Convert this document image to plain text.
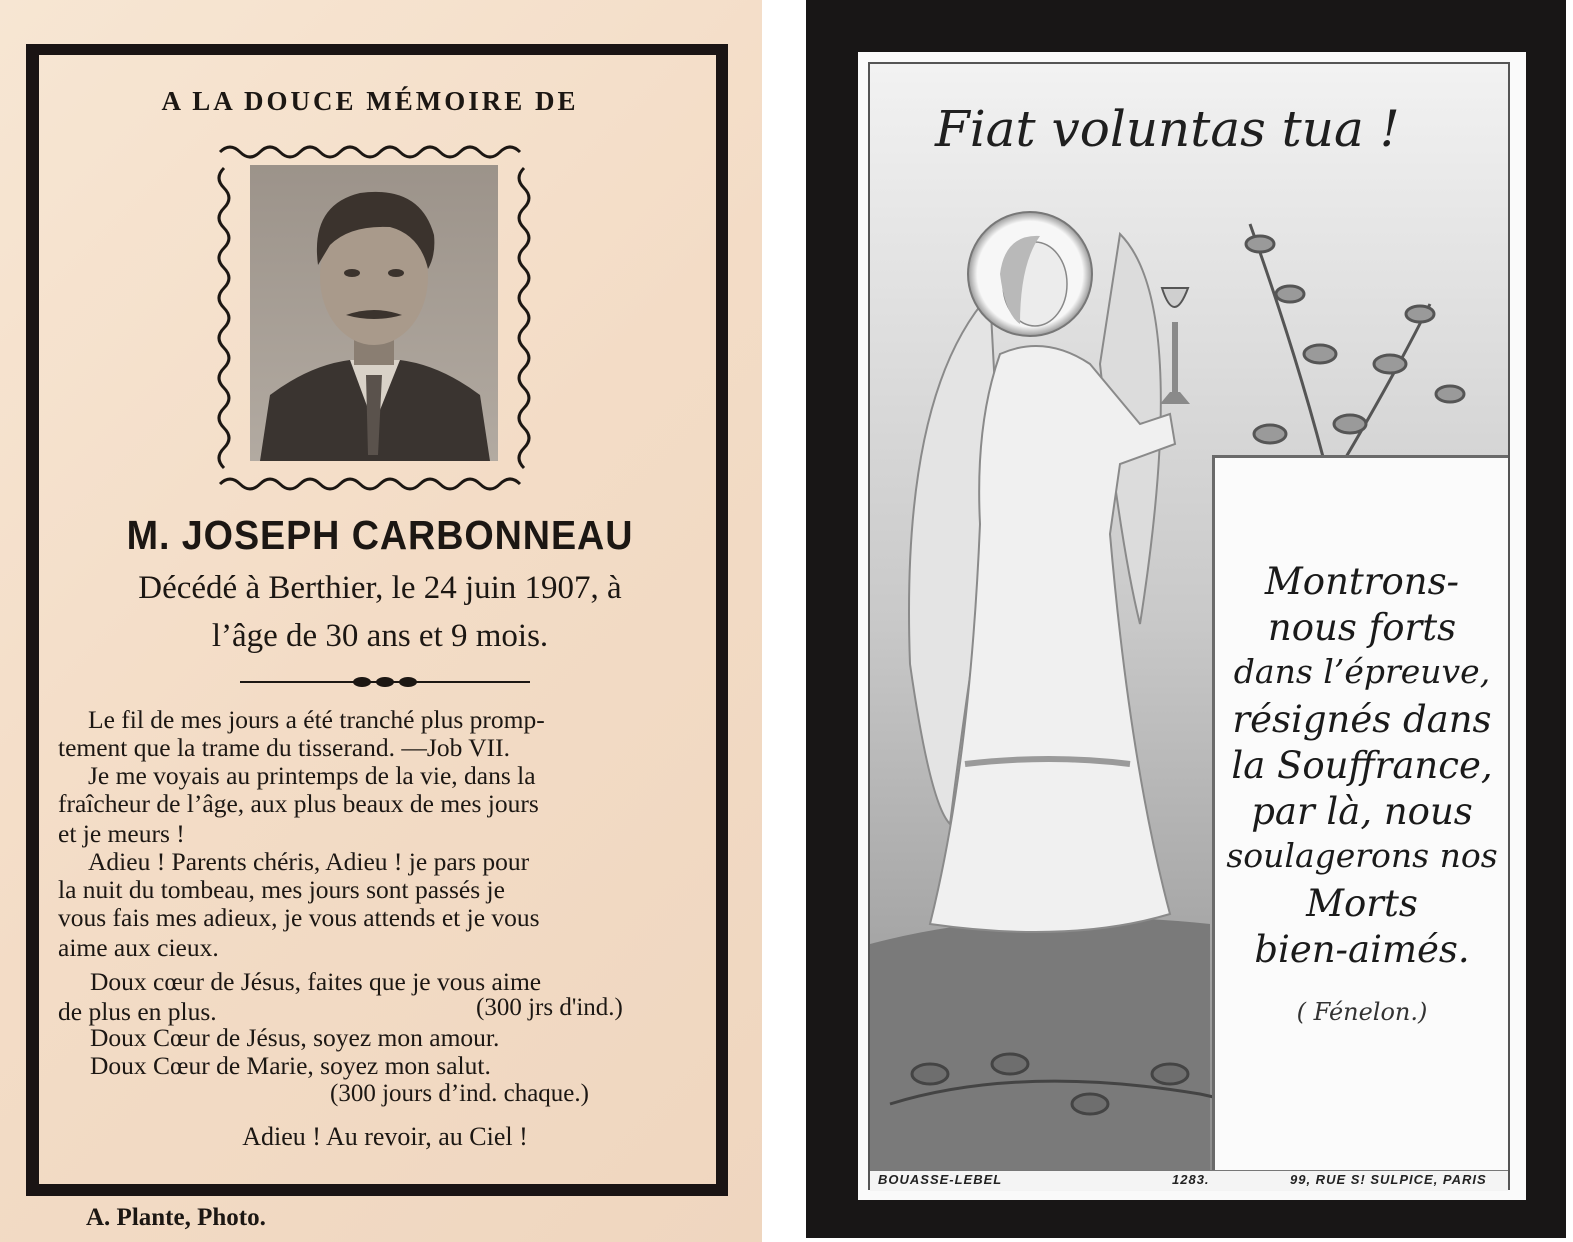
A LA DOUCE MÉMOIRE DE
M. JOSEPH CARBONNEAU
Décédé à Berthier, le 24 juin 1907, à
l’âge de 30 ans et 9 mois.
Le fil de mes jours a été tranché plus promp-
tement que la trame du tisserand. —Job VII.
Je me voyais au printemps de la vie, dans la
fraîcheur de l’âge, aux plus beaux de mes jours
et je meurs !
Adieu ! Parents chéris, Adieu ! je pars pour
la nuit du tombeau, mes jours sont passés je
vous fais mes adieux, je vous attends et je vous
aime aux cieux.
Doux cœur de Jésus, faites que je vous aime
de plus en plus.	(300 jrs d'ind.)
Doux Cœur de Jésus, soyez mon amour.
Doux Cœur de Marie, soyez mon salut.
(300 jours d’ind. chaque.)
Adieu ! Au revoir, au Ciel !
A. Plante, Photo.
Fiat voluntas tua !
Montrons-
nous forts
dans l’épreuve,
résignés dans
la Souffrance,
par là, nous
soulagerons nos
Morts
bien-aimés.
( Fénelon.)
BOUASSE-LEBEL	1283.	99, RUE S! SULPICE, PARIS
